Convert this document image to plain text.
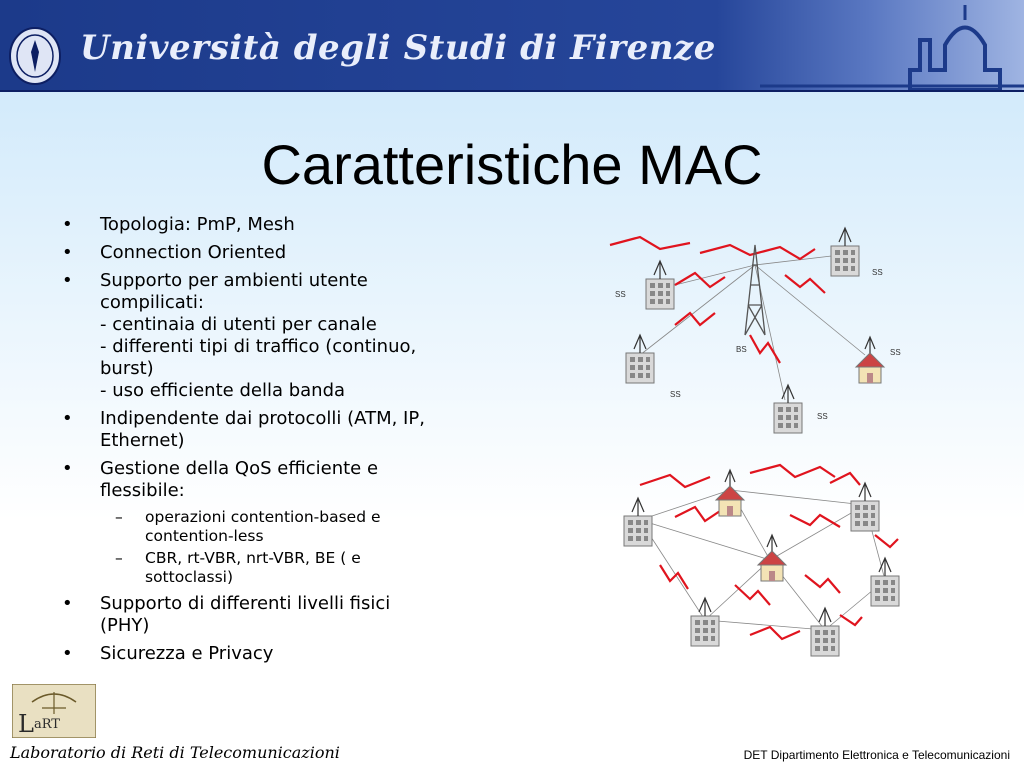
Università degli Studi di Firenze
Caratteristiche MAC
• Topologia: PmP, Mesh
• Connection Oriented
• Supporto per ambienti utente
compilicati:
- centinaia di utenti per canale
- differenti tipi di traffico (continuo,
burst)
- uso efficiente della banda
• Indipendente dai protocolli (ATM, IP,
Ethernet)
• Gestione della QoS efficiente e
flessibile:
– operazioni contention-based e
contention-less
– CBR, rt-VBR, nrt-VBR, BE ( e
sottoclassi)
• Supporto di differenti livelli fisici
(PHY)
• Sicurezza e Privacy
BS
SS
SS
SS
SS
SS
L aRT
Laboratorio di Reti di Telecomunicazioni	DET Dipartimento Elettronica e Telecomunicazioni
